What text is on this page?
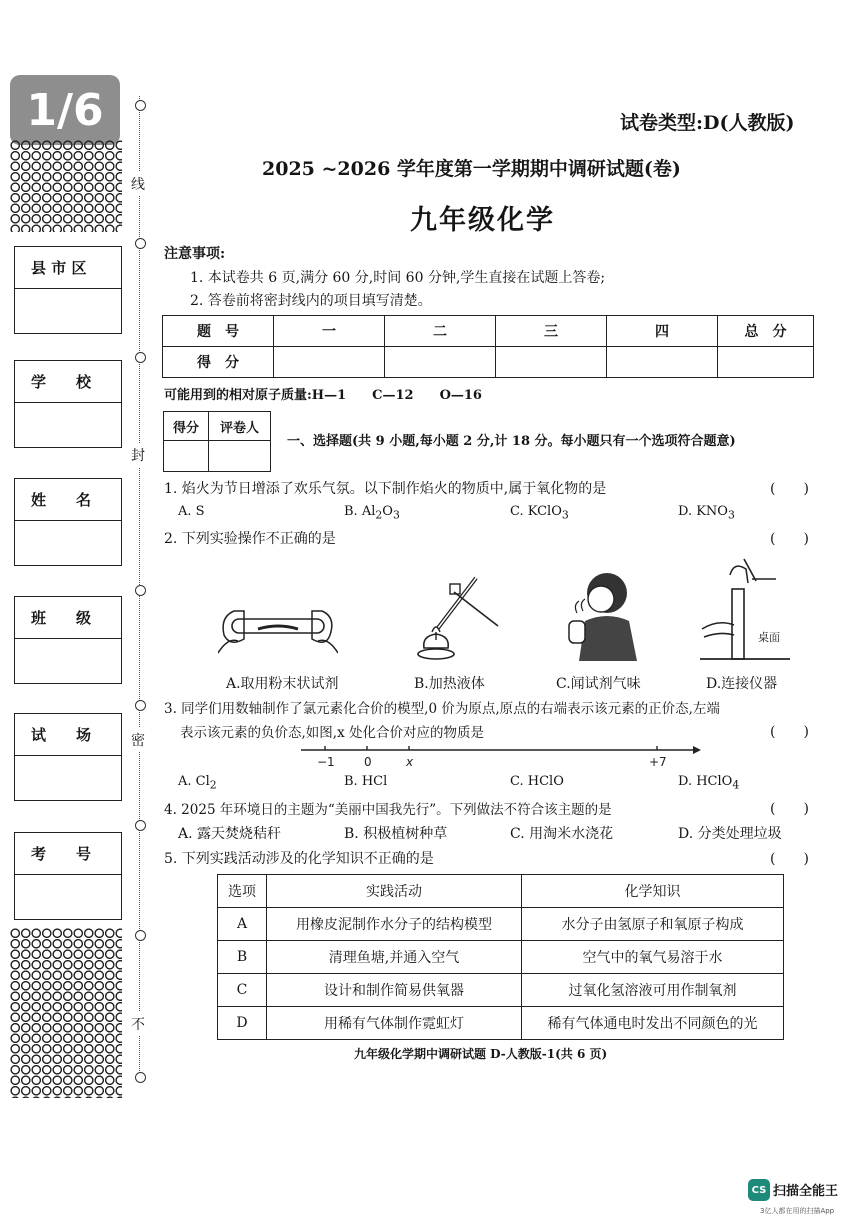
1/6
县 市 区
学　　校
姓　　名
班　　级
试　　场
考　　号
线
封
密
不
试卷类型:D(人教版)
2025 ~2026 学年度第一学期期中调研试题(卷)
九年级化学
注意事项:
1. 本试卷共 6 页,满分 60 分,时间 60 分钟,学生直接在试题上答卷;
2. 答卷前将密封线内的项目填写清楚。
题　号	一	二	三	四	总　分
得　分					
可能用到的相对原子质量:H—1　　C—12　　O—16
得分	评卷人

一、选择题(共 9 小题,每小题 2 分,计 18 分。每小题只有一个选项符合题意)
1. 焰火为节日增添了欢乐气氛。以下制作焰火的物质中,属于氧化物的是	(　　)
A. S	B. $Al_2O_3$	C. KClO$_3$	D. $KNO_3$
2. 下列实验操作不正确的是	(　　)
桌面
A.取用粉末状试剂	B.加热液体	C.闻试剂气味	D.连接仪器
3. 同学们用数轴制作了氯元素化合价的模型,0 价为原点,原点的右端表示该元素的正价态,左端
表示该元素的负价态,如图,x 处化合价对应的物质是	(　　)
−1 0	x	+7
A. $Cl_2$	B. HCl	C. HClO	D. HClO$_4$
4. 2025 年环境日的主题为“美丽中国我先行”。下列做法不符合该主题的是	(　　)
A. 露天焚烧秸秆	B. 积极植树种草	C. 用淘米水浇花	D. 分类处理垃圾
5. 下列实践活动涉及的化学知识不正确的是	(　　)
选项	实践活动	化学知识
A	用橡皮泥制作水分子的结构模型	水分子由氢原子和氧原子构成
B	清理鱼塘,并通入空气	空气中的氧气易溶于水
C	设计和制作简易供氧器	过氧化氢溶液可用作制氧剂
D	用稀有气体制作霓虹灯	稀有气体通电时发出不同颜色的光
九年级化学期中调研试题 D-人教版-1(共 6 页)
CS 扫描全能王
3亿人都在用的扫描App
